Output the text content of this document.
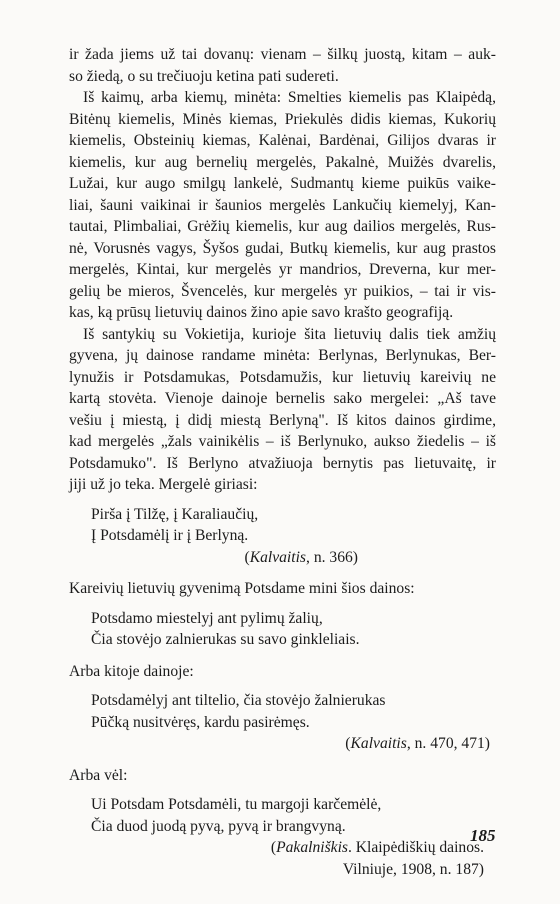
ir žada jiems už tai dovanų: vienam – šilkų juostą, kitam – auk-
so žiedą, o su trečiuoju ketina pati sudereti.
Iš kaimų, arba kiemų, minėta: Smelties kiemelis pas Klaipėdą,
Bitėnų kiemelis, Minės kiemas, Priekulės didis kiemas, Kukorių
kiemelis, Obsteinių kiemas, Kalėnai, Bardėnai, Gilijos dvaras ir
kiemelis, kur aug bernelių mergelės, Pakalnė, Muižės dvarelis,
Lužai, kur augo smilgų lankelė, Sudmantų kieme puikūs vaike-
liai, šauni vaikinai ir šaunios mergelės Lankučių kiemelyj, Kan-
tautai, Plimbaliai, Grėžių kiemelis, kur aug dailios mergelės, Rus-
nė, Vorusnės vagys, Šyšos gudai, Butkų kiemelis, kur aug prastos
mergelės, Kintai, kur mergelės yr mandrios, Dreverna, kur mer-
gelių be mieros, Švencelės, kur mergelės yr puikios, – tai ir vis-
kas, ką prūsų lietuvių dainos žino apie savo krašto geografiją.
Iš santykių su Vokietija, kurioje šita lietuvių dalis tiek amžių
gyvena, jų dainose randame minėta: Berlynas, Berlynukas, Ber-
lynužis ir Potsdamukas, Potsdamužis, kur lietuvių kareivių ne
kartą stovėta. Vienoje dainoje bernelis sako mergelei: „Aš tave
vešiu į miestą, į didį miestą Berlyną". Iš kitos dainos girdime,
kad mergelės „žals vainikėlis – iš Berlynuko, aukso žiedelis – iš
Potsdamuko". Iš Berlyno atvažiuoja bernytis pas lietuvaitę, ir
jiji už jo teka. Mergelė giriasi:
Pirša į Tilžę, į Karaliaučių,
Į Potsdamėlį ir į Berlyną.
(Kalvaitis, n. 366)
Kareivių lietuvių gyvenimą Potsdame mini šios dainos:
Potsdamo miestelyj ant pylimų žalių,
Čia stovėjo zalnierukas su savo ginkleliais.
Arba kitoje dainoje:
Potsdamėlyj ant tiltelio, čia stovėjo žalnierukas
Pūčką nusitvėręs, kardu pasirėmęs.
(Kalvaitis, n. 470, 471)
Arba vėl:
Ui Potsdam Potsdamėli, tu margoji karčemėlė,
Čia duod juodą pyvą, pyvą ir brangvyną.
(Pakalniškis. Klaipėdiškių dainos.
Vilniuje, 1908, n. 187)
185
